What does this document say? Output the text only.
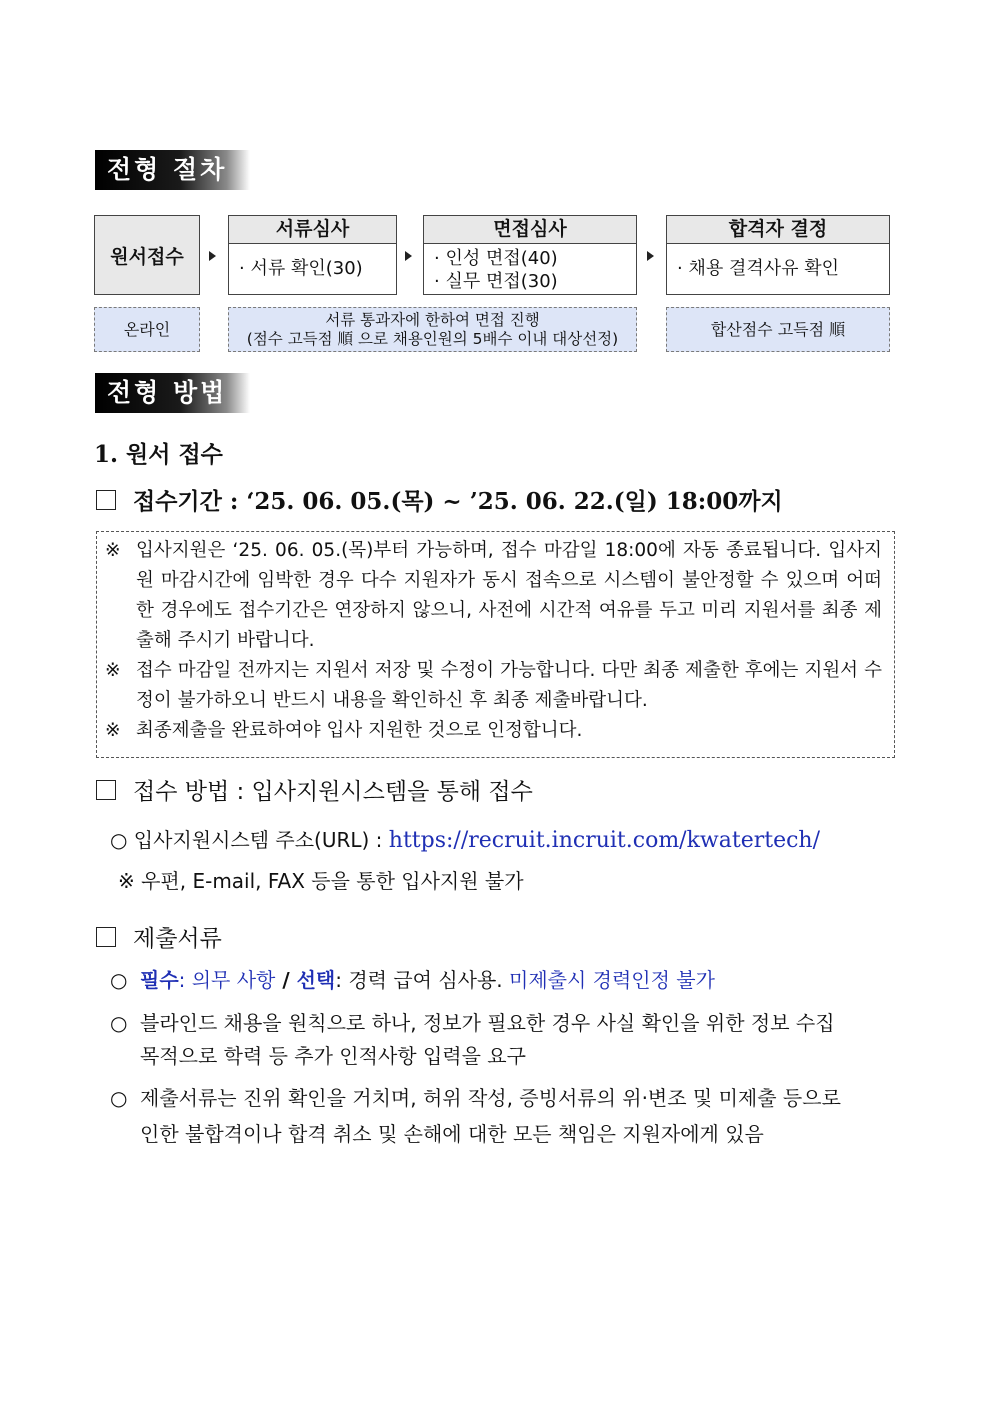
전형 절차
원서접수
서류심사
· 서류 확인(30)
면접심사
· 인성 면접(40)
· 실무 면접(30)
합격자 결정
· 채용 결격사유 확인
온라인	서류 통과자에 한하여 면접 진행
(점수 고득점 順 으로 채용인원의 5배수 이내 대상선정)	합산점수 고득점 順
전형 방법
1. 원서 접수
접수기간 : ‘25. 06. 05.(목) ~ ’25. 06. 22.(일) 18:00까지
※ 입사지원은 ‘25. 06. 05.(목)부터 가능하며, 접수 마감일 18:00에 자동 종료됩니다. 입사지원 마감시간에 임박한 경우 다수 지원자가 동시 접속으로 시스템이 불안정할 수 있으며 어떠한 경우에도 접수기간은 연장하지 않으니, 사전에 시간적 여유를 두고 미리 지원서를 최종 제출해 주시기 바랍니다.
※ 접수 마감일 전까지는 지원서 저장 및 수정이 가능합니다. 다만 최종 제출한 후에는 지원서 수정이 불가하오니 반드시 내용을 확인하신 후 최종 제출바랍니다.
※ 최종제출을 완료하여야 입사 지원한 것으로 인정합니다.
접수 방법 : 입사지원시스템을 통해 접수
○ 입사지원시스템 주소(URL) : https://recruit.incruit.com/kwatertech/
※ 우편, E-mail, FAX 등을 통한 입사지원 불가
제출서류
○ 필수: 의무 사항 / 선택: 경력 급여 심사용. 미제출시 경력인정 불가
○ 블라인드 채용을 원칙으로 하나, 정보가 필요한 경우 사실 확인을 위한 정보 수집 목적으로 학력 등 추가 인적사항 입력을 요구
○ 제출서류는 진위 확인을 거치며, 허위 작성, 증빙서류의 위·변조 및 미제출 등으로 인한 불합격이나 합격 취소 및 손해에 대한 모든 책임은 지원자에게 있음
